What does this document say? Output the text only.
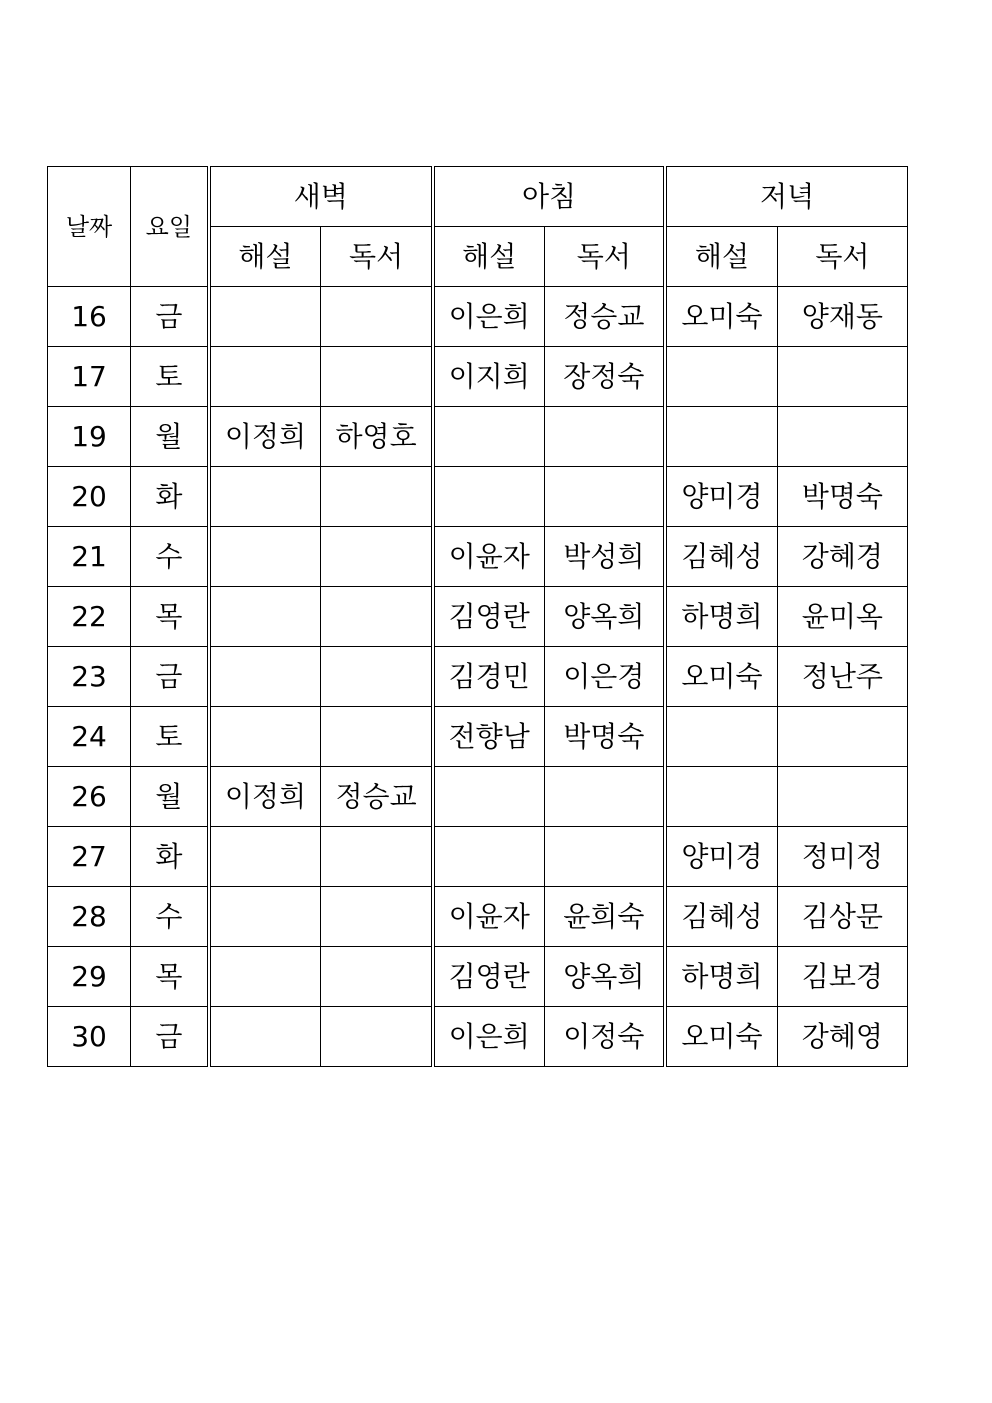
날짜	요일	새벽		아침		저녁	
		해설	독서	해설	독서	해설	독서
16	금			이은희	정승교	오미숙	양재동
17	토			이지희	장정숙		
19	월	이정희	하영호				
20	화					양미경	박명숙
21	수			이윤자	박성희	김혜성	강혜경
22	목			김영란	양옥희	하명희	윤미옥
23	금			김경민	이은경	오미숙	정난주
24	토			전향남	박명숙		
26	월	이정희	정승교				
27	화					양미경	정미정
28	수			이윤자	윤희숙	김혜성	김상문
29	목			김영란	양옥희	하명희	김보경
30	금			이은희	이정숙	오미숙	강혜영
